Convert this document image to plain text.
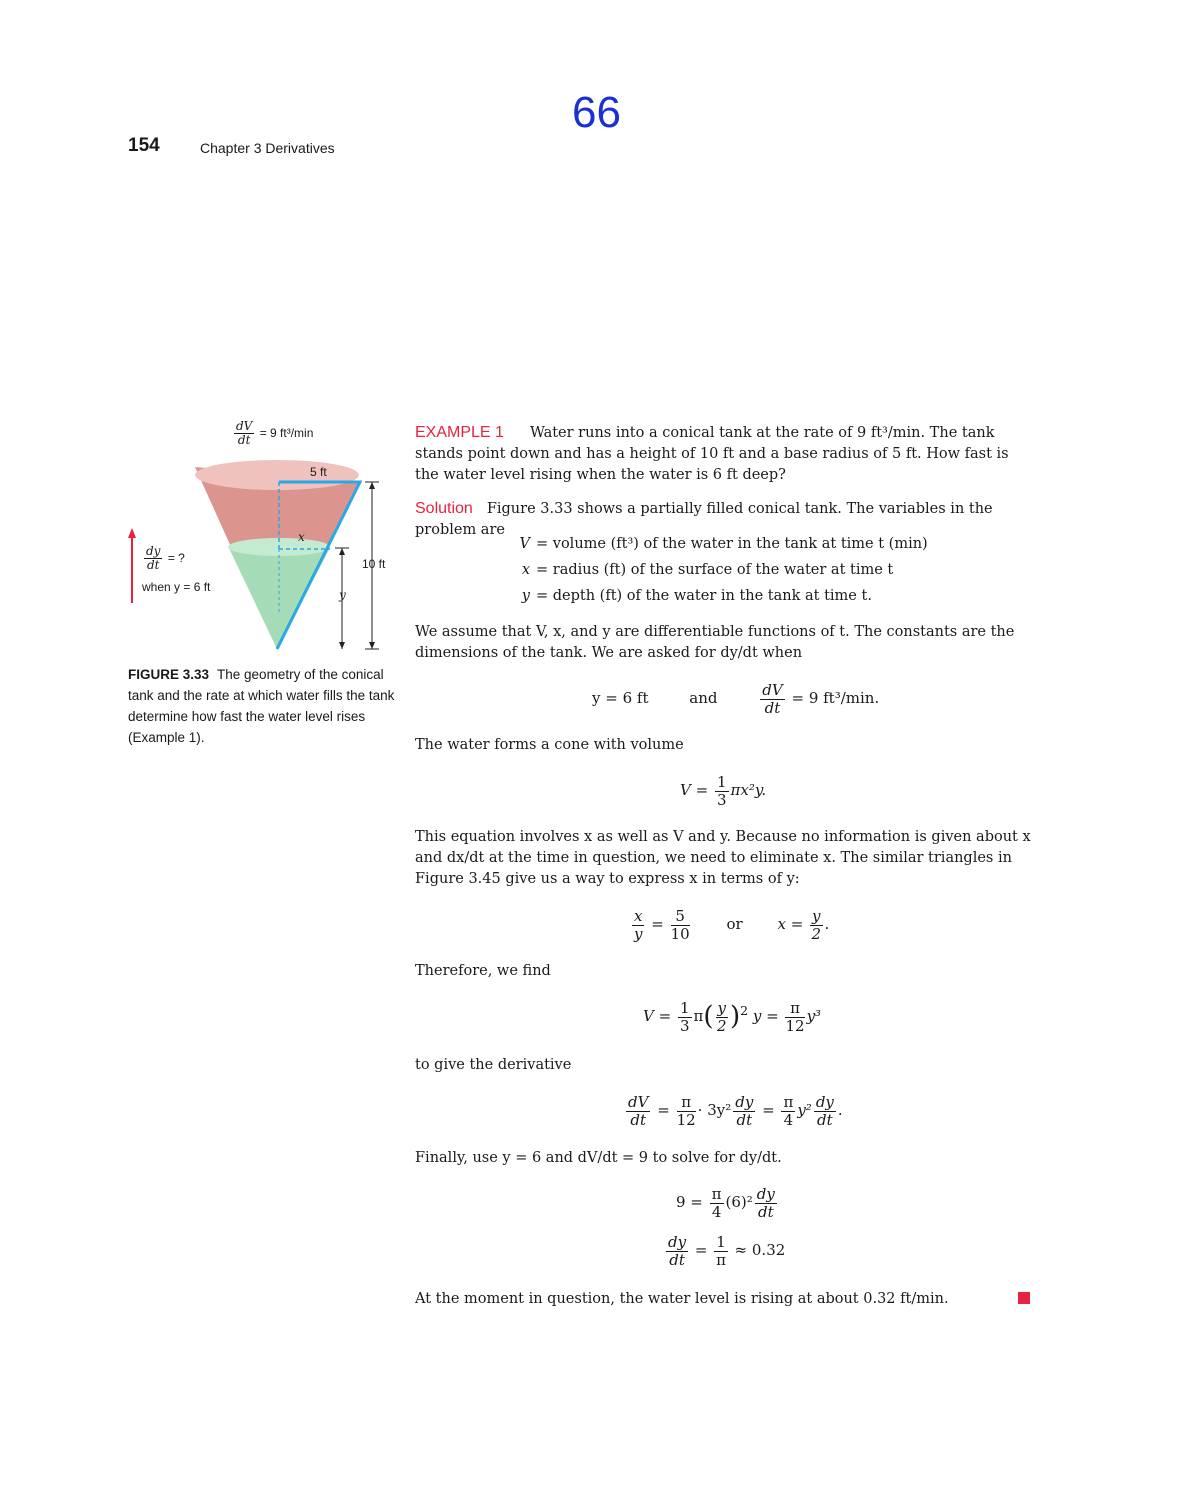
66
154	Chapter 3 Derivatives
$\frac{dV}{dt} = 9$ ft³/min
5 ft
10 ft
x
y
$\frac{dy}{dt}$ = ?
when y = 6 ft
FIGURE 3.33 The geometry of the conical tank and the rate at which water fills the tank determine how fast the water level rises (Example 1).
EXAMPLE 1 Water runs into a conical tank at the rate of 9 ft³/min. The tank stands point down and has a height of 10 ft and a base radius of 5 ft. How fast is the water level rising when the water is 6 ft deep?
Solution Figure 3.33 shows a partially filled conical tank. The variables in the problem are
V = volume (ft³) of the water in the tank at time t (min)
x = radius (ft) of the surface of the water at time t
y = depth (ft) of the water in the tank at time t.
We assume that V, x, and y are differentiable functions of t. The constants are the dimensions of the tank. We are asked for dy/dt when
y = 6 ft	and	$\frac{dV}{dt} = 9$ ft³/min.
The water forms a cone with volume
$V = \frac{1}{3} \pi x^2y$.
This equation involves x as well as V and y. Because no information is given about x and dx/dt at the time in question, we need to eliminate x. The similar triangles in Figure 3.45 give us a way to express x in terms of y:
$\frac{x}{y} = \frac{5}{10}$ or $x = \frac{y}{2}$ .
Therefore, we find
$V = \frac{1}{3} \pi( \frac{y}{2} )^2$ $y = \frac{\pi}{12} y^3$
to give the derivative
$\frac{dV}{dt} = \frac{\pi}{12} \cdot 3y^2 \frac{dy}{dt} = \frac{\pi}{4} y^2 \frac{dy}{dt}$ .
Finally, use y = 6 and dV/dt = 9 to solve for dy/dt.
$9 = \frac{\pi}{4} (6)^2 \frac{dy}{dt}$
$\frac{dy}{dt} = \frac{1}{\pi} \approx 0.32$
At the moment in question, the water level is rising at about 0.32 ft/min.
